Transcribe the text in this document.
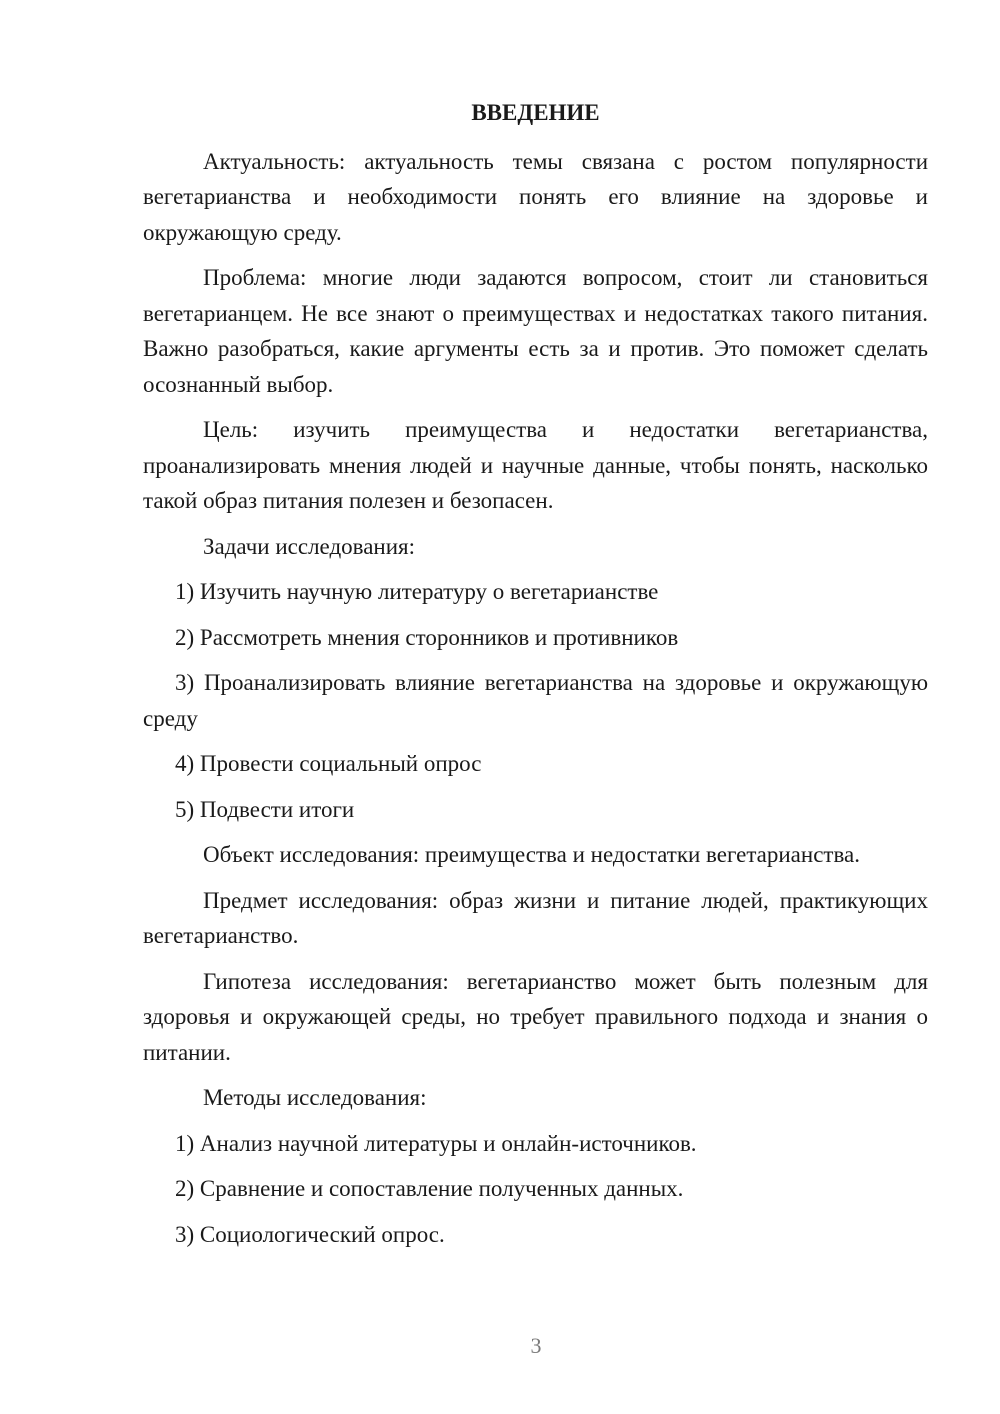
ВВЕДЕНИЕ

Актуальность: актуальность темы связана с ростом популярности вегетарианства и необходимости понять его влияние на здоровье и окружающую среду.

Проблема: многие люди задаются вопросом, стоит ли становиться вегетарианцем. Не все знают о преимуществах и недостатках такого питания. Важно разобраться, какие аргументы есть за и против. Это поможет сделать осознанный выбор.

Цель: изучить преимущества и недостатки вегетарианства, проанализировать мнения людей и научные данные, чтобы понять, насколько такой образ питания полезен и безопасен.

Задачи исследования:

1) Изучить научную литературу о вегетарианстве

2) Рассмотреть мнения сторонников и противников

3) Проанализировать влияние вегетарианства на здоровье и окружающую среду

4) Провести социальный опрос

5) Подвести итоги

Объект исследования: преимущества и недостатки вегетарианства.

Предмет исследования: образ жизни и питание людей, практикующих вегетарианство.

Гипотеза исследования: вегетарианство может быть полезным для здоровья и окружающей среды, но требует правильного подхода и знания о питании.

Методы исследования:

1) Анализ научной литературы и онлайн-источников.

2) Сравнение и сопоставление полученных данных.

3) Социологический опрос.

3
